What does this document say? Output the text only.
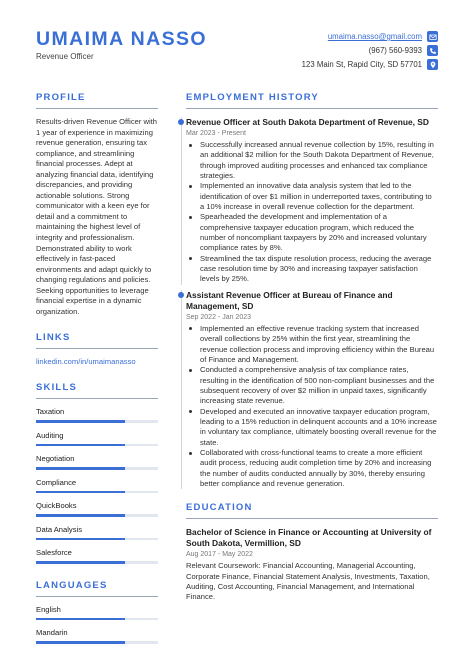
UMAIMA NASSO
Revenue Officer
umaima.nasso@gmail.com
(967) 560-9393
123 Main St, Rapid City, SD 57701
PROFILE
Results-driven Revenue Officer with 1 year of experience in maximizing revenue generation, ensuring tax compliance, and streamlining financial processes. Adept at analyzing financial data, identifying discrepancies, and providing actionable solutions. Strong communicator with a keen eye for detail and a commitment to maintaining the highest level of integrity and professionalism. Demonstrated ability to work effectively in fast-paced environments and adapt quickly to changing regulations and policies. Seeking opportunities to leverage financial expertise in a dynamic organization.
LINKS
linkedin.com/in/umaimanasso
SKILLS
Taxation
Auditing
Negotiation
Compliance
QuickBooks
Data Analysis
Salesforce
LANGUAGES
English
Mandarin
EMPLOYMENT HISTORY
Revenue Officer at South Dakota Department of Revenue, SD
Mar 2023 - Present
Successfully increased annual revenue collection by 15%, resulting in an additional $2 million for the South Dakota Department of Revenue, through improved auditing processes and enhanced tax compliance strategies.
Implemented an innovative data analysis system that led to the identification of over $1 million in underreported taxes, contributing to a 10% increase in overall revenue collection for the department.
Spearheaded the development and implementation of a comprehensive taxpayer education program, which reduced the number of noncompliant taxpayers by 20% and increased voluntary compliance rates by 8%.
Streamlined the tax dispute resolution process, reducing the average case resolution time by 30% and increasing taxpayer satisfaction levels by 25%.
Assistant Revenue Officer at Bureau of Finance and Management, SD
Sep 2022 - Jan 2023
Implemented an effective revenue tracking system that increased overall collections by 25% within the first year, streamlining the revenue collection process and improving efficiency within the Bureau of Finance and Management.
Conducted a comprehensive analysis of tax compliance rates, resulting in the identification of 500 non-compliant businesses and the subsequent recovery of over $2 million in unpaid taxes, significantly increasing state revenue.
Developed and executed an innovative taxpayer education program, leading to a 15% reduction in delinquent accounts and a 10% increase in voluntary tax compliance, ultimately boosting overall revenue for the state.
Collaborated with cross-functional teams to create a more efficient audit process, reducing audit completion time by 20% and increasing the number of audits conducted annually by 30%, thereby ensuring better compliance and revenue generation.
EDUCATION
Bachelor of Science in Finance or Accounting at University of South Dakota, Vermillion, SD
Aug 2017 - May 2022
Relevant Coursework: Financial Accounting, Managerial Accounting, Corporate Finance, Financial Statement Analysis, Investments, Taxation, Auditing, Cost Accounting, Financial Management, and International Finance.
